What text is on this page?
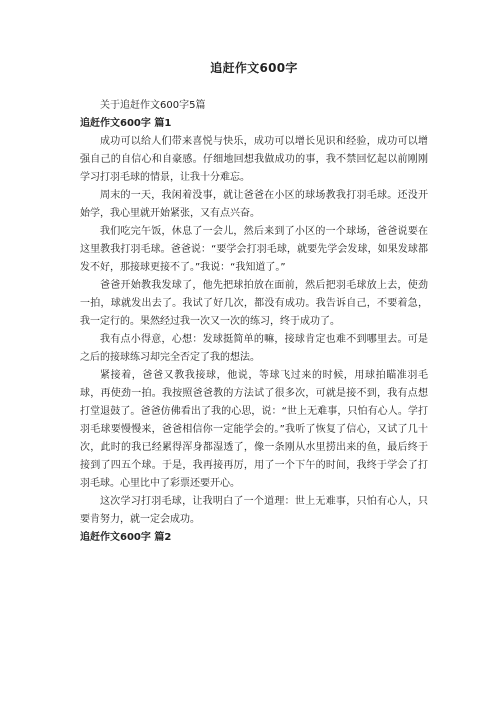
追赶作文600字

关于追赶作文600字5篇

追赶作文600字 篇1

成功可以给人们带来喜悦与快乐，成功可以增长见识和经验，成功可以增强自己的自信心和自豪感。仔细地回想我做成功的事，我不禁回忆起以前刚刚学习打羽毛球的情景，让我十分难忘。

周末的一天，我闲着没事，就让爸爸在小区的球场教我打羽毛球。还没开始学，我心里就开始紧张，又有点兴奋。

我们吃完午饭，休息了一会儿，然后来到了小区的一个球场，爸爸说要在这里教我打羽毛球。爸爸说：“要学会打羽毛球，就要先学会发球，如果发球都发不好，那接球更接不了。”我说：“我知道了。”

爸爸开始教我发球了，他先把球拍放在面前，然后把羽毛球放上去，使劲一拍，球就发出去了。我试了好几次，都没有成功。我告诉自己，不要着急，我一定行的。果然经过我一次又一次的练习，终于成功了。

我有点小得意，心想：发球挺简单的嘛，接球肯定也难不到哪里去。可是之后的接球练习却完全否定了我的想法。

紧接着，爸爸又教我接球，他说，等球飞过来的时候，用球拍瞄准羽毛球，再使劲一拍。我按照爸爸教的方法试了很多次，可就是接不到，我有点想打堂退鼓了。爸爸仿佛看出了我的心思，说：“世上无难事，只怕有心人。学打羽毛球要慢慢来，爸爸相信你一定能学会的。”我听了恢复了信心，又试了几十次，此时的我已经累得浑身都湿透了，像一条刚从水里捞出来的鱼，最后终于接到了四五个球。于是，我再接再厉，用了一个下午的时间，我终于学会了打羽毛球。心里比中了彩票还要开心。

这次学习打羽毛球，让我明白了一个道理：世上无难事，只怕有心人，只要肯努力，就一定会成功。

追赶作文600字 篇2
